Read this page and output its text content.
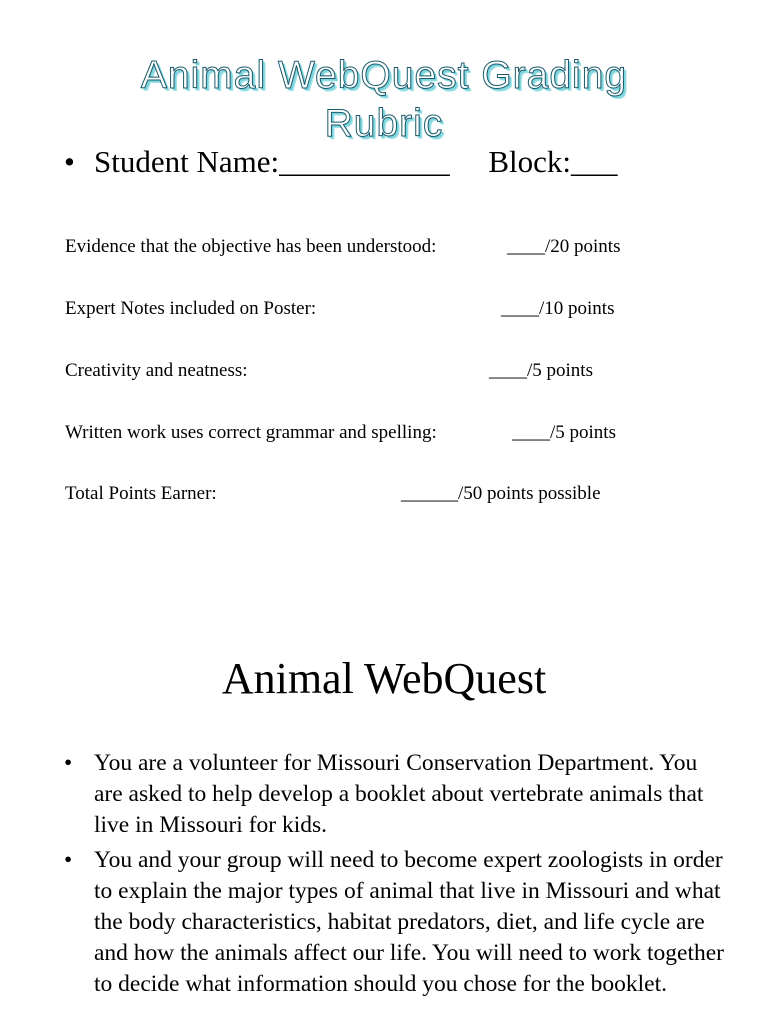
Animal WebQuest Grading
Rubric
• Student Name:___________     Block:___
Evidence that the objective has been understood:	____/20 points
Expert Notes included on Poster:	____/10 points
Creativity and neatness:	____/5 points
Written work uses correct grammar and spelling:	____/5 points
Total Points Earner:	______/50 points possible
Animal WebQuest
• You are a volunteer for Missouri Conservation Department. You are asked to help develop a booklet about vertebrate animals that live in Missouri for kids.
• You and your group will need to become expert zoologists in order to explain the major types of animal that live in Missouri and what the body characteristics, habitat predators, diet, and life cycle are and how the animals affect our life. You will need to work together to decide what information should you chose for the booklet.
